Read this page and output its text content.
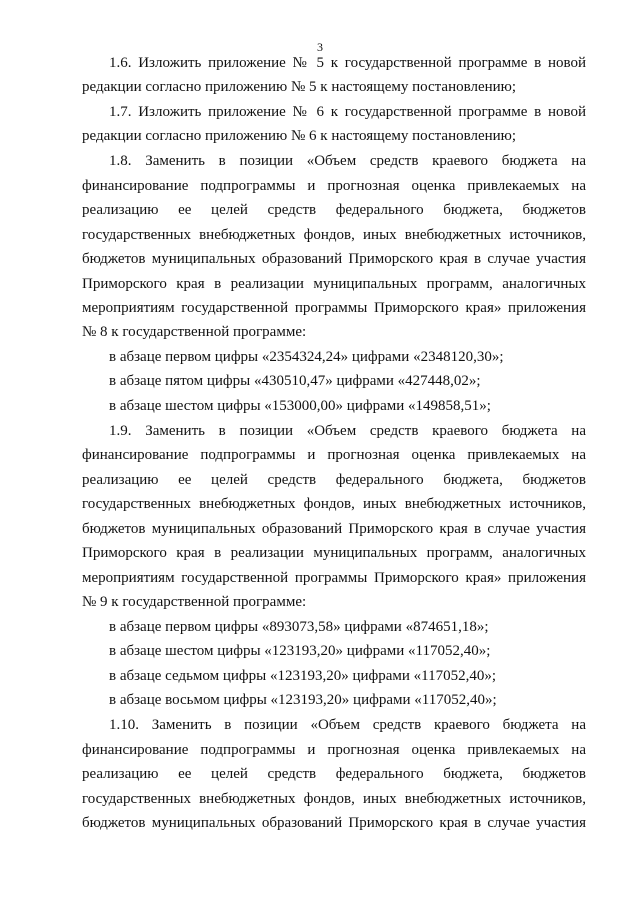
3
1.6. Изложить приложение № 5 к государственной программе в новой
редакции согласно приложению № 5 к настоящему постановлению;
1.7. Изложить приложение № 6 к государственной программе в новой
редакции согласно приложению № 6 к настоящему постановлению;
1.8. Заменить в позиции «Объем средств краевого бюджета на
финансирование подпрограммы и прогнозная оценка привлекаемых на
реализацию ее целей средств федерального бюджета, бюджетов
государственных внебюджетных фондов, иных внебюджетных источников,
бюджетов муниципальных образований Приморского края в случае участия
Приморского края в реализации муниципальных программ, аналогичных
мероприятиям государственной программы Приморского края» приложения
№ 8 к государственной программе:
в абзаце первом цифры «2354324,24» цифрами «2348120,30»;
в абзаце пятом цифры «430510,47» цифрами «427448,02»;
в абзаце шестом цифры «153000,00» цифрами «149858,51»;
1.9. Заменить в позиции «Объем средств краевого бюджета на
финансирование подпрограммы и прогнозная оценка привлекаемых на
реализацию ее целей средств федерального бюджета, бюджетов
государственных внебюджетных фондов, иных внебюджетных источников,
бюджетов муниципальных образований Приморского края в случае участия
Приморского края в реализации муниципальных программ, аналогичных
мероприятиям государственной программы Приморского края» приложения
№ 9 к государственной программе:
в абзаце первом цифры «893073,58» цифрами «874651,18»;
в абзаце шестом цифры «123193,20» цифрами «117052,40»;
в абзаце седьмом цифры «123193,20» цифрами «117052,40»;
в абзаце восьмом цифры «123193,20» цифрами «117052,40»;
1.10. Заменить в позиции «Объем средств краевого бюджета на
финансирование подпрограммы и прогнозная оценка привлекаемых на
реализацию ее целей средств федерального бюджета, бюджетов
государственных внебюджетных фондов, иных внебюджетных источников,
бюджетов муниципальных образований Приморского края в случае участия
